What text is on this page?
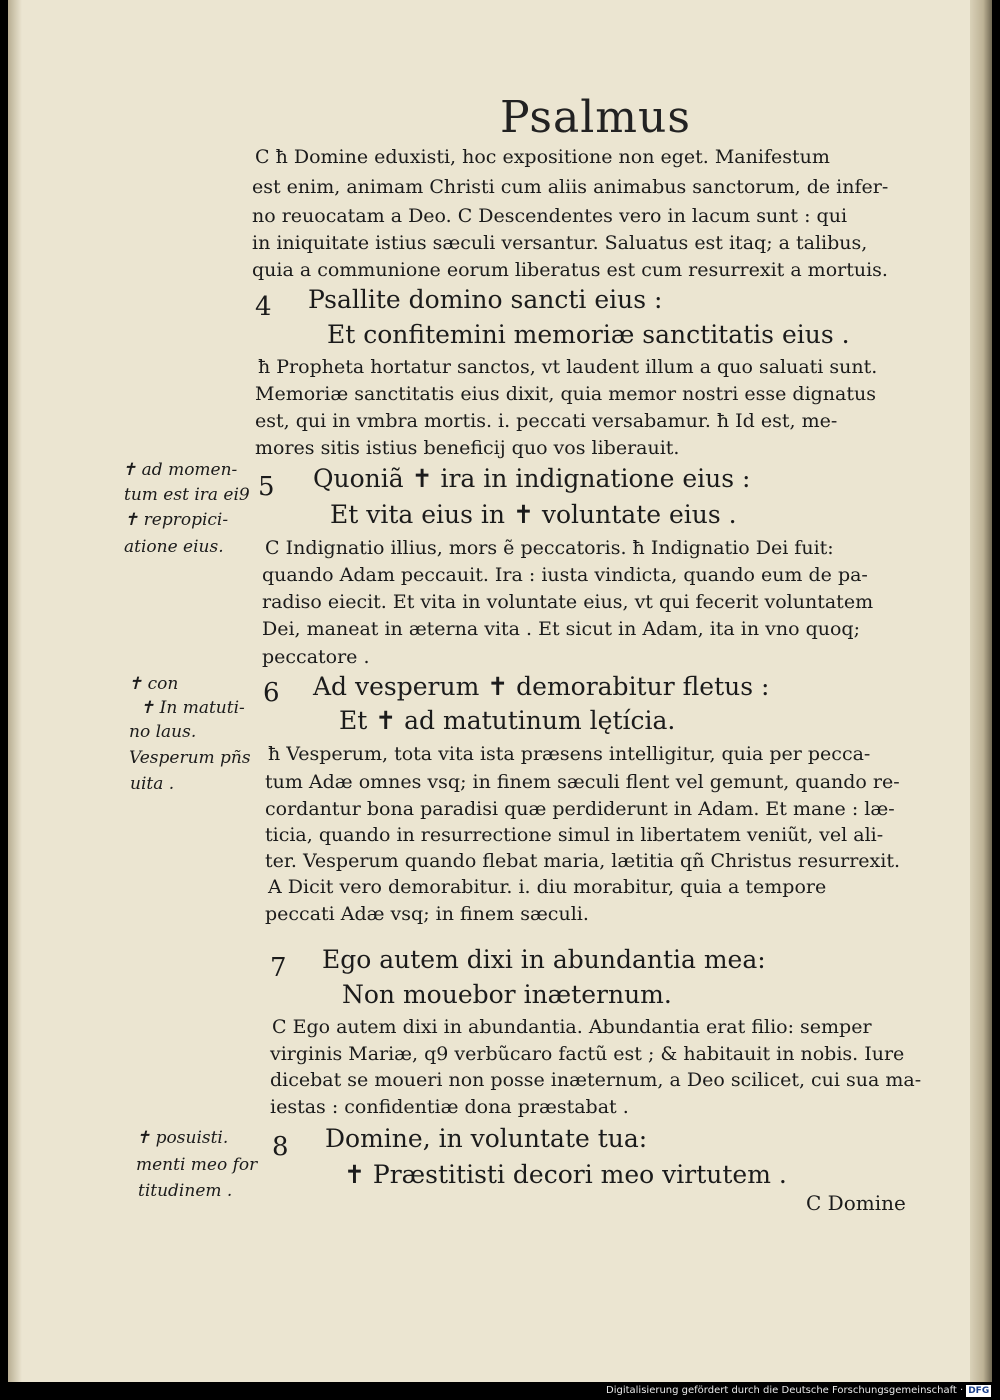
Psalmus
C ħ Domine eduxisti, hoc expositione non eget. Manifestum
est enim, animam Christi cum aliis animabus sanctorum, de infer-
no reuocatam a Deo. C Descendentes vero in lacum sunt : qui
in iniquitate istius sæculi versantur. Saluatus est itaq; a talibus,
quia a communione eorum liberatus est cum resurrexit a mortuis.
4 Psallite domino sancti eius :
Et confitemini memoriæ sanctitatis eius .
ħ Propheta hortatur sanctos, vt laudent illum a quo saluati sunt.
Memoriæ sanctitatis eius dixit, quia memor nostri esse dignatus
est, qui in vmbra mortis. i. peccati versabamur. ħ Id est, me-
mores sitis istius beneficij quo vos liberauit.
5 Quoniã ✝ ira in indignatione eius :
Et vita eius in ✝ voluntate eius .
C Indignatio illius, mors ẽ peccatoris. ħ Indignatio Dei fuit:
quando Adam peccauit. Ira : iusta vindicta, quando eum de pa-
radiso eiecit. Et vita in voluntate eius, vt qui fecerit voluntatem
Dei, maneat in æterna vita . Et sicut in Adam, ita in vno quoq;
peccatore .
6 Ad vesperum ✝ demorabitur fletus :
Et ✝ ad matutinum lętícia.
ħ Vesperum, tota vita ista præsens intelligitur, quia per pecca-
tum Adæ omnes vsq; in finem sæculi flent vel gemunt, quando re-
cordantur bona paradisi quæ perdiderunt in Adam. Et mane : læ-
ticia, quando in resurrectione simul in libertatem veniũt, vel ali-
ter. Vesperum quando flebat maria, lætitia qñ Christus resurrexit.
A Dicit vero demorabitur. i. diu morabitur, quia a tempore
peccati Adæ vsq; in finem sæculi.
7 Ego autem dixi in abundantia mea:
Non mouebor inæternum.
C Ego autem dixi in abundantia. Abundantia erat filio: semper
virginis Mariæ, q9 verbũcaro factũ est ; & habitauit in nobis. Iure
dicebat se moueri non posse inæternum, a Deo scilicet, cui sua ma-
iestas : confidentiæ dona præstabat .
8 Domine, in voluntate tua:
✝ Præstitisti decori meo virtutem .
C Domine
✝ ad momen-
tum est ira ei9
✝ repropici-
atione eius.
✝ con
✝ In matuti-
no laus.
Vesperum pñs
uita .
✝ posuisti.
menti meo for
titudinem .
Digitalisierung gefördert durch die Deutsche Forschungsgemeinschaft · DFG
